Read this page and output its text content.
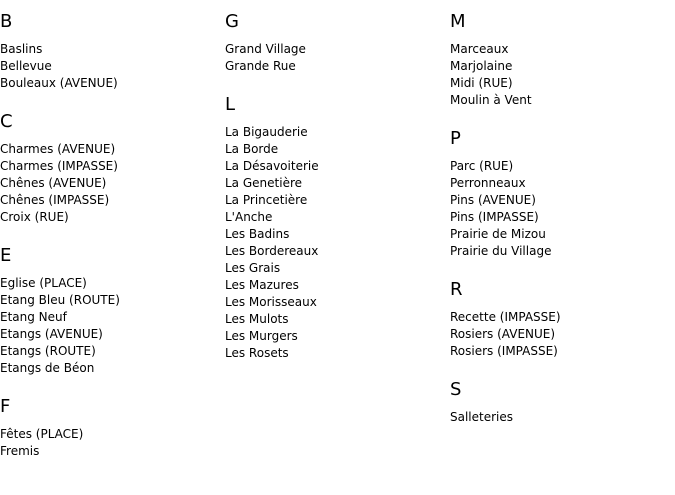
B
Baslins
Bellevue
Bouleaux (AVENUE)
C
Charmes (AVENUE)
Charmes (IMPASSE)
Chênes (AVENUE)
Chênes (IMPASSE)
Croix (RUE)
E
Eglise (PLACE)
Etang Bleu (ROUTE)
Etang Neuf
Etangs (AVENUE)
Etangs (ROUTE)
Etangs de Béon
F
Fêtes (PLACE)
Fremis
G
Grand Village
Grande Rue
L
La Bigauderie
La Borde
La Désavoiterie
La Genetière
La Princetière
L'Anche
Les Badins
Les Bordereaux
Les Grais
Les Mazures
Les Morisseaux
Les Mulots
Les Murgers
Les Rosets
M
Marceaux
Marjolaine
Midi (RUE)
Moulin à Vent
P
Parc (RUE)
Perronneaux
Pins (AVENUE)
Pins (IMPASSE)
Prairie de Mizou
Prairie du Village
R
Recette (IMPASSE)
Rosiers (AVENUE)
Rosiers (IMPASSE)
S
Salleteries
